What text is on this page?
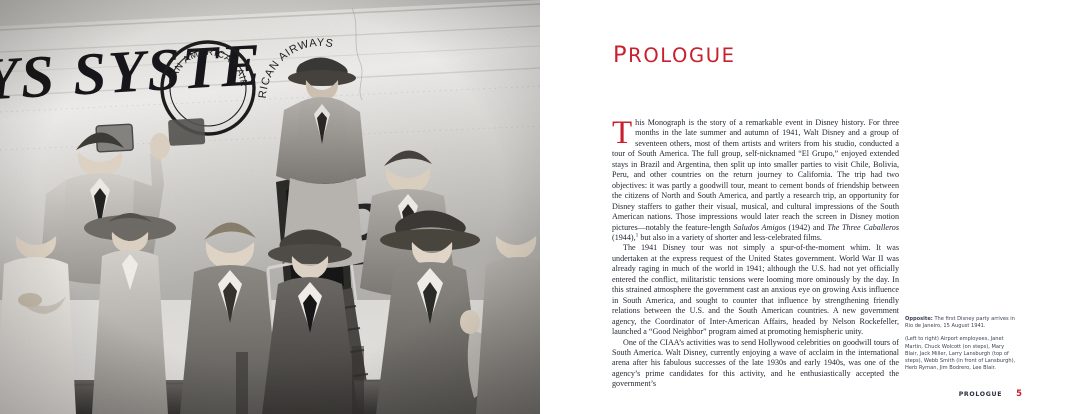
PROLOGUE

This Monograph is the story of a remarkable event in Disney history. For three months in the late summer and autumn of 1941, Walt Disney and a group of seventeen others, most of them artists and writers from his studio, conducted a tour of South America. The full group, self-nicknamed “El Grupo,” enjoyed extended stays in Brazil and Argentina, then split up into smaller parties to visit Chile, Bolivia, Peru, and other countries on the return journey to California. The trip had two objectives: it was partly a goodwill tour, meant to cement bonds of friendship between the citizens of North and South America, and partly a research trip, an opportunity for Disney staffers to gather their visual, musical, and cultural impressions of the South American nations. Those impressions would later reach the screen in Disney motion pictures—notably the feature-length Saludos Amigos (1942) and The Three Caballeros (1944),$^1$ but also in a variety of shorter and less-celebrated films.

The 1941 Disney tour was not simply a spur-of-the-moment whim. It was undertaken at the express request of the United States government. World War II was already raging in much of the world in 1941; although the U.S. had not yet officially entered the conflict, militaristic tensions were looming more ominously by the day. In this strained atmosphere the government cast an anxious eye on growing Axis influence in South America, and sought to counter that influence by strengthening friendly relations between the U.S. and the South American countries. A new government agency, the Coordinator of Inter-American Affairs, headed by Nelson Rockefeller, launched a “Good Neighbor” program aimed at promoting hemispheric unity.

One of the CIAA’s activities was to send Hollywood celebrities on goodwill tours of South America. Walt Disney, currently enjoying a wave of acclaim in the international arena after his fabulous successes of the late 1930s and early 1940s, was one of the agency’s prime candidates for this activity, and he enthusiastically accepted the government’s

Opposite: The first Disney party arrives in Rio de Janeiro, 15 August 1941.

(Left to right) Airport employees, Janet Martin, Chuck Wolcott (on steps), Mary Blair, Jack Miller, Larry Lansburgh (top of steps), Webb Smith (in front of Lansburgh), Herb Ryman, Jim Bodrero, Lee Blair.

PROLOGUE 5
